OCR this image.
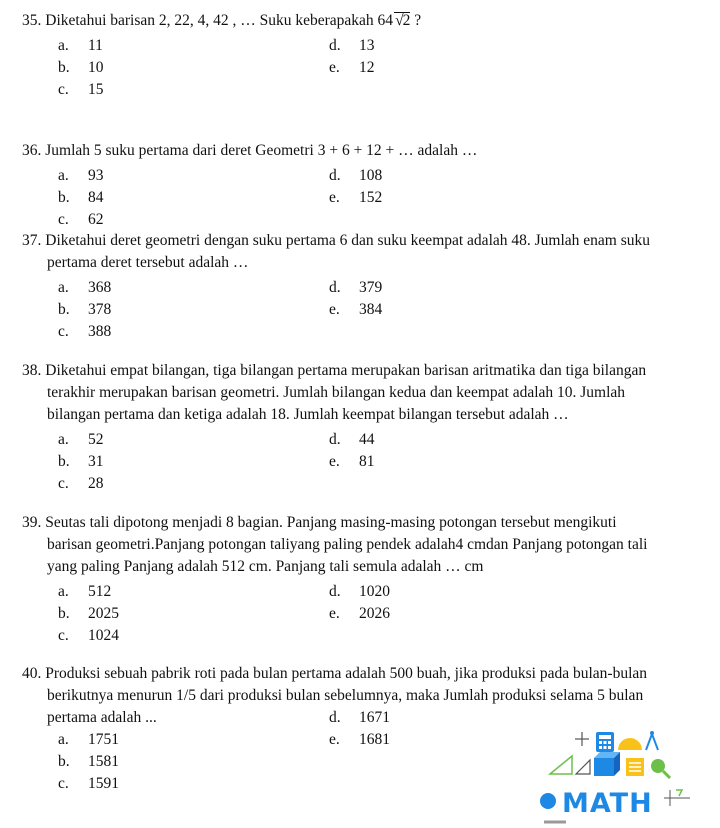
35. Diketahui barisan 2, 22, 4, 42 , … Suku keberapakah 64 √2 ?
a. 11
b. 10
c. 15
d. 13
e. 12
36. Jumlah 5 suku pertama dari deret Geometri 3 + 6 + 12 + … adalah …
a. 93
b. 84
c. 62
d. 108
e. 152
37. Diketahui deret geometri dengan suku pertama 6 dan suku keempat adalah 48. Jumlah enam suku
pertama deret tersebut adalah …
a. 368
b. 378
c. 388
d. 379
e. 384
38. Diketahui empat bilangan, tiga bilangan pertama merupakan barisan aritmatika dan tiga bilangan
terakhir merupakan barisan geometri. Jumlah bilangan kedua dan keempat adalah 10. Jumlah
bilangan pertama dan ketiga adalah 18. Jumlah keempat bilangan tersebut adalah …
a. 52
b. 31
c. 28
d. 44
e. 81
39. Seutas tali dipotong menjadi 8 bagian. Panjang masing-masing potongan tersebut mengikuti
barisan geometri.Panjang potongan taliyang paling pendek adalah4 cmdan Panjang potongan tali
yang paling Panjang adalah 512 cm. Panjang tali semula adalah … cm
a. 512
b. 2025
c. 1024
d. 1020
e. 2026
40. Produksi sebuah pabrik roti pada bulan pertama adalah 500 buah, jika produksi pada bulan-bulan
berikutnya menurun 1/5 dari produksi bulan sebelumnya, maka Jumlah produksi selama 5 bulan
pertama adalah ...	d. 1671
a. 1751
b. 1581
c. 1591
e. 1681
MATH
